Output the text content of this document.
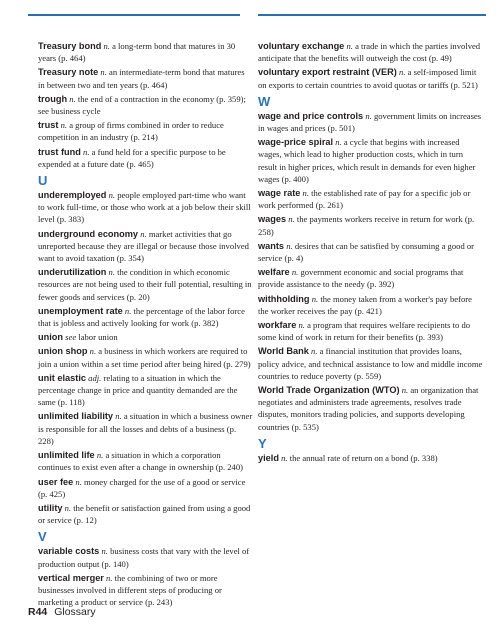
Treasury bond n. a long-term bond that matures in 30 years (p. 464)
Treasury note n. an intermediate-term bond that matures in between two and ten years (p. 464)
trough n. the end of a contraction in the economy (p. 359); see business cycle
trust n. a group of firms combined in order to reduce competition in an industry (p. 214)
trust fund n. a fund held for a specific purpose to be expended at a future date (p. 465)
U
underemployed n. people employed part-time who want to work full-time, or those who work at a job below their skill level (p. 383)
underground economy n. market activities that go unreported because they are illegal or because those involved want to avoid taxation (p. 354)
underutilization n. the condition in which economic resources are not being used to their full potential, resulting in fewer goods and services (p. 20)
unemployment rate n. the percentage of the labor force that is jobless and actively looking for work (p. 382)
union see labor union
union shop n. a business in which workers are required to join a union within a set time period after being hired (p. 279)
unit elastic adj. relating to a situation in which the percentage change in price and quantity demanded are the same (p. 118)
unlimited liability n. a situation in which a business owner is responsible for all the losses and debts of a business (p. 228)
unlimited life n. a situation in which a corporation continues to exist even after a change in ownership (p. 240)
user fee n. money charged for the use of a good or service (p. 425)
utility n. the benefit or satisfaction gained from using a good or service (p. 12)
V
variable costs n. business costs that vary with the level of production output (p. 140)
vertical merger n. the combining of two or more businesses involved in different steps of producing or marketing a product or service (p. 243)
voluntary exchange n. a trade in which the parties involved anticipate that the benefits will outweigh the cost (p. 49)
voluntary export restraint (VER) n. a self-imposed limit on exports to certain countries to avoid quotas or tariffs (p. 521)
W
wage and price controls n. government limits on increases in wages and prices (p. 501)
wage-price spiral n. a cycle that begins with increased wages, which lead to higher production costs, which in turn result in higher prices, which result in demands for even higher wages (p. 400)
wage rate n. the established rate of pay for a specific job or work performed (p. 261)
wages n. the payments workers receive in return for work (p. 258)
wants n. desires that can be satisfied by consuming a good or service (p. 4)
welfare n. government economic and social programs that provide assistance to the needy (p. 392)
withholding n. the money taken from a worker's pay before the worker receives the pay (p. 421)
workfare n. a program that requires welfare recipients to do some kind of work in return for their benefits (p. 393)
World Bank n. a financial institution that provides loans, policy advice, and technical assistance to low and middle income countries to reduce poverty (p. 559)
World Trade Organization (WTO) n. an organization that negotiates and administers trade agreements, resolves trade disputes, monitors trading policies, and supports developing countries (p. 535)
Y
yield n. the annual rate of return on a bond (p. 338)
R44 Glossary
